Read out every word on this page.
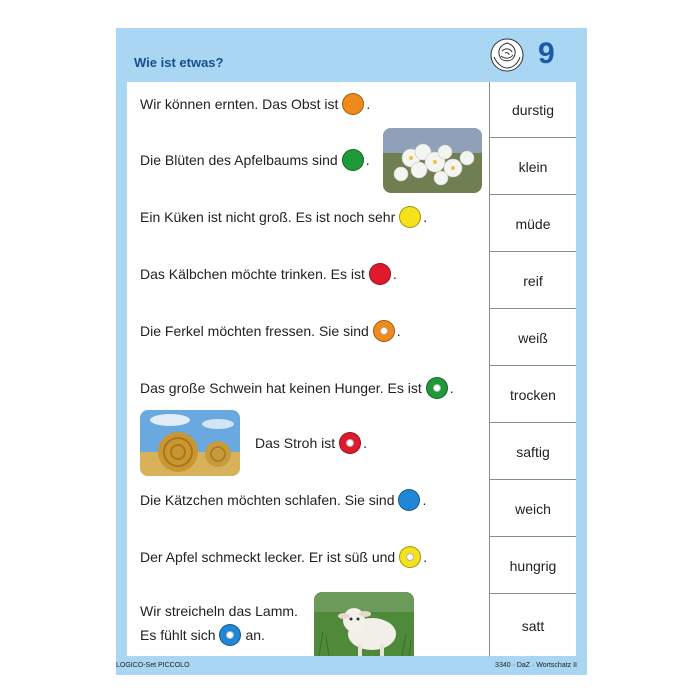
Wie ist etwas?	9
Wir können ernten. Das Obst ist .
Die Blüten des Apfelbaums sind .
Ein Küken ist nicht groß. Es ist noch sehr .
Das Kälbchen möchte trinken. Es ist .
Die Ferkel möchten fressen. Sie sind .
Das große Schwein hat keinen Hunger. Es ist .
Das Stroh ist .
Die Kätzchen möchten schlafen. Sie sind .
Der Apfel schmeckt lecker. Er ist süß und .
Wir streicheln das Lamm.
Es fühlt sich an.
durstig
klein
müde
reif
weiß
trocken
saftig
weich
hungrig
satt
LOGICO-Set PICCOLO	3340 · DaZ · Wortschatz II
